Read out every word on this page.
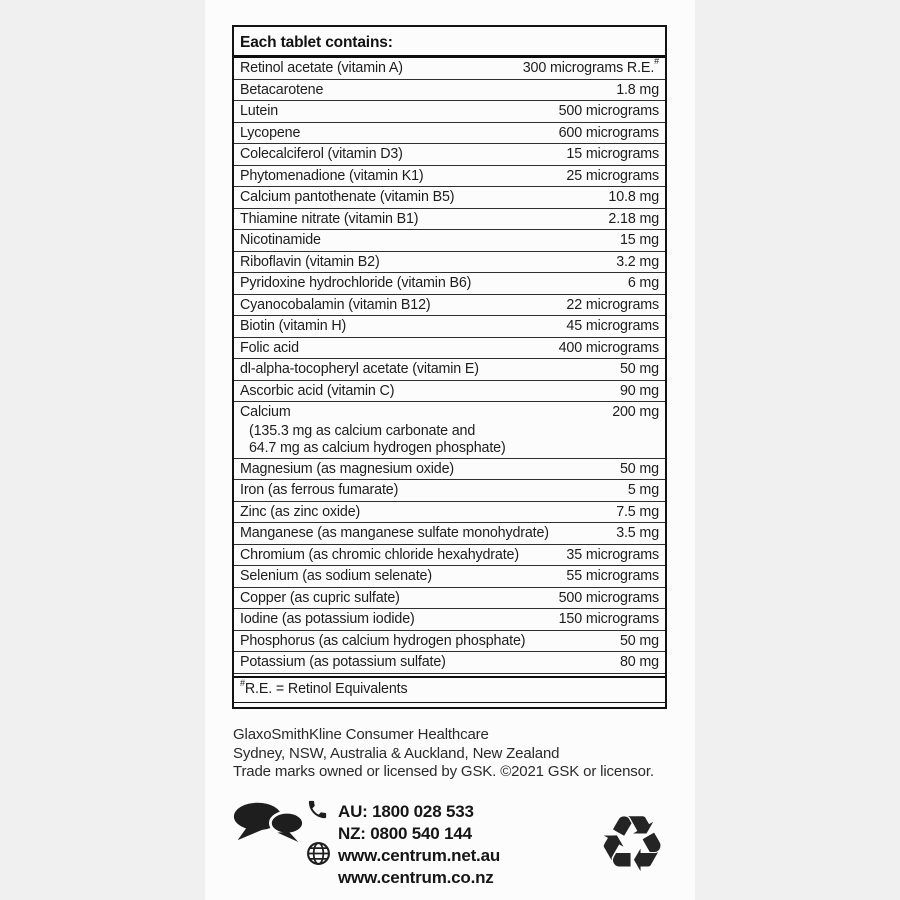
Each tablet contains:
Retinol acetate (vitamin A)	300 micrograms R.E.#
Betacarotene	1.8 mg
Lutein	500 micrograms
Lycopene	600 micrograms
Colecalciferol (vitamin D3)	15 micrograms
Phytomenadione (vitamin K1)	25 micrograms
Calcium pantothenate (vitamin B5)	10.8 mg
Thiamine nitrate (vitamin B1)	2.18 mg
Nicotinamide	15 mg
Riboflavin (vitamin B2)	3.2 mg
Pyridoxine hydrochloride (vitamin B6)	6 mg
Cyanocobalamin (vitamin B12)	22 micrograms
Biotin (vitamin H)	45 micrograms
Folic acid	400 micrograms
dl-alpha-tocopheryl acetate (vitamin E)	50 mg
Ascorbic acid (vitamin C)	90 mg
Calcium	200 mg
(135.3 mg as calcium carbonate and
64.7 mg as calcium hydrogen phosphate)
Magnesium (as magnesium oxide)	50 mg
Iron (as ferrous fumarate)	5 mg
Zinc (as zinc oxide)	7.5 mg
Manganese (as manganese sulfate monohydrate)	3.5 mg
Chromium (as chromic chloride hexahydrate)	35 micrograms
Selenium (as sodium selenate)	55 micrograms
Copper (as cupric sulfate)	500 micrograms
Iodine (as potassium iodide)	150 micrograms
Phosphorus (as calcium hydrogen phosphate)	50 mg
Potassium (as potassium sulfate)	80 mg
#R.E. = Retinol Equivalents
GlaxoSmithKline Consumer Healthcare
Sydney, NSW, Australia & Auckland, New Zealand
Trade marks owned or licensed by GSK. ©2021 GSK or licensor.
AU: 1800 028 533
NZ: 0800 540 144
www.centrum.net.au
www.centrum.co.nz ♻
